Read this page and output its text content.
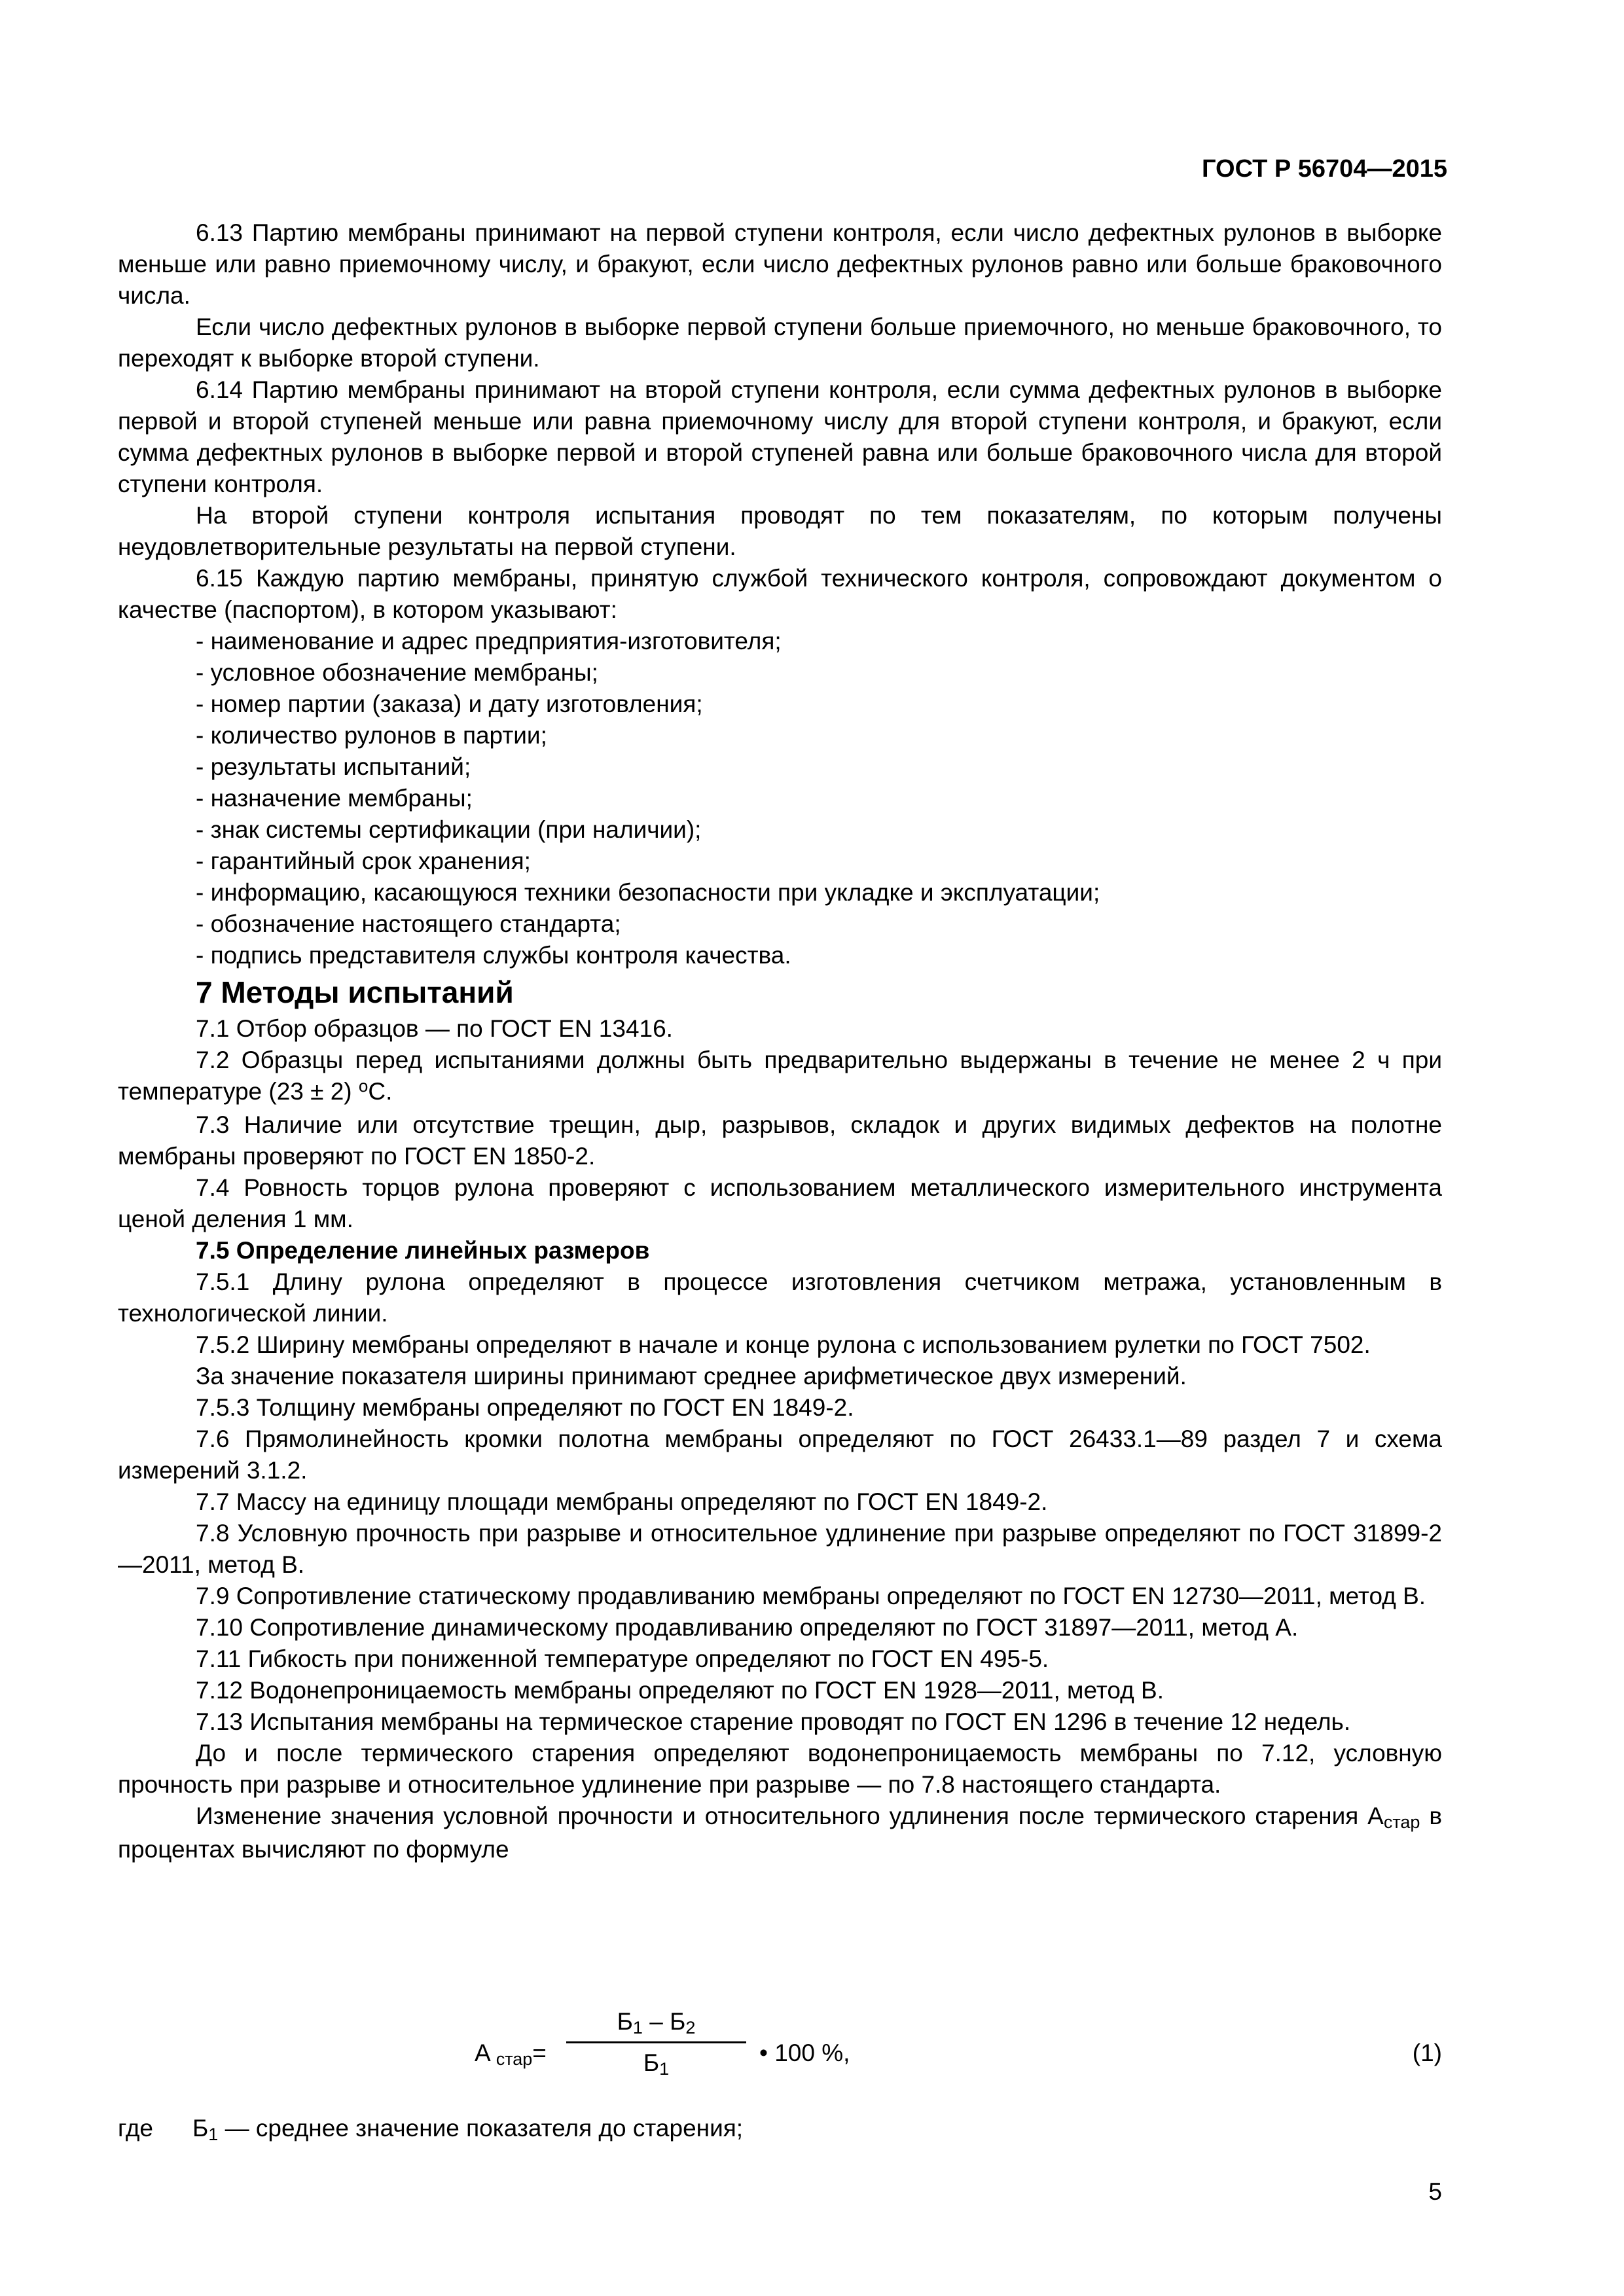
ГОСТ Р 56704—2015

6.13 Партию мембраны принимают на первой ступени контроля, если число дефектных рулонов в выборке меньше или равно приемочному числу, и бракуют, если число дефектных рулонов равно или больше браковочного числа.

Если число дефектных рулонов в выборке первой ступени больше приемочного, но меньше браковочного, то переходят к выборке второй ступени.

6.14 Партию мембраны принимают на второй ступени контроля, если сумма дефектных рулонов в выборке первой и второй ступеней меньше или равна приемочному числу для второй ступени контроля, и бракуют, если сумма дефектных рулонов в выборке первой и второй ступеней равна или больше браковочного числа для второй ступени контроля.

На второй ступени контроля испытания проводят по тем показателям, по которым получены неудовлетворительные результаты на первой ступени.

6.15 Каждую партию мембраны, принятую службой технического контроля, сопровождают документом о качестве (паспортом), в котором указывают:

- наименование и адрес предприятия-изготовителя;

- условное обозначение мембраны;

- номер партии (заказа) и дату изготовления;

- количество рулонов в партии;

- результаты испытаний;

- назначение мембраны;

- знак системы сертификации (при наличии);

- гарантийный срок хранения;

- информацию, касающуюся техники безопасности при укладке и эксплуатации;

- обозначение настоящего стандарта;

- подпись представителя службы контроля качества.

7 Методы испытаний

7.1 Отбор образцов — по ГОСТ EN 13416.

7.2 Образцы перед испытаниями должны быть предварительно выдержаны в течение не менее 2 ч при температуре (23 ± 2) $^о$С.

7.3 Наличие или отсутствие трещин, дыр, разрывов, складок и других видимых дефектов на полотне мембраны проверяют по ГОСТ EN 1850-2.

7.4 Ровность торцов рулона проверяют с использованием металлического измерительного инструмента ценой деления 1 мм.

7.5 Определение линейных размеров

7.5.1 Длину рулона определяют в процессе изготовления счетчиком метража, установленным в технологической линии.

7.5.2 Ширину мембраны определяют в начале и конце рулона с использованием рулетки по ГОСТ 7502.

За значение показателя ширины принимают среднее арифметическое двух измерений.

7.5.3 Толщину мембраны определяют по ГОСТ EN 1849-2.

7.6 Прямолинейность кромки полотна мембраны определяют по ГОСТ 26433.1—89 раздел 7 и схема измерений 3.1.2.

7.7 Массу на единицу площади мембраны определяют по ГОСТ EN 1849-2.

7.8 Условную прочность при разрыве и относительное удлинение при разрыве определяют по ГОСТ 31899-2—2011, метод В.

7.9 Сопротивление статическому продавливанию мембраны определяют по ГОСТ EN 12730—2011, метод В.

7.10 Сопротивление динамическому продавливанию определяют по ГОСТ 31897—2011, метод А.

7.11 Гибкость при пониженной температуре определяют по ГОСТ EN 495-5.

7.12 Водонепроницаемость мембраны определяют по ГОСТ EN 1928—2011, метод В.

7.13 Испытания мембраны на термическое старение проводят по ГОСТ EN 1296 в течение 12 недель.

До и после термического старения определяют водонепроницаемость мембраны по 7.12, условную прочность при разрыве и относительное удлинение при разрыве — по 7.8 настоящего стандарта.

Изменение значения условной прочности и относительного удлинения после термического старения Астар в процентах вычисляют по формуле

А стар=
Б1 – Б2
Б1
• 100 %,	(1)
где Б1 — среднее значение показателя до старения;
5
